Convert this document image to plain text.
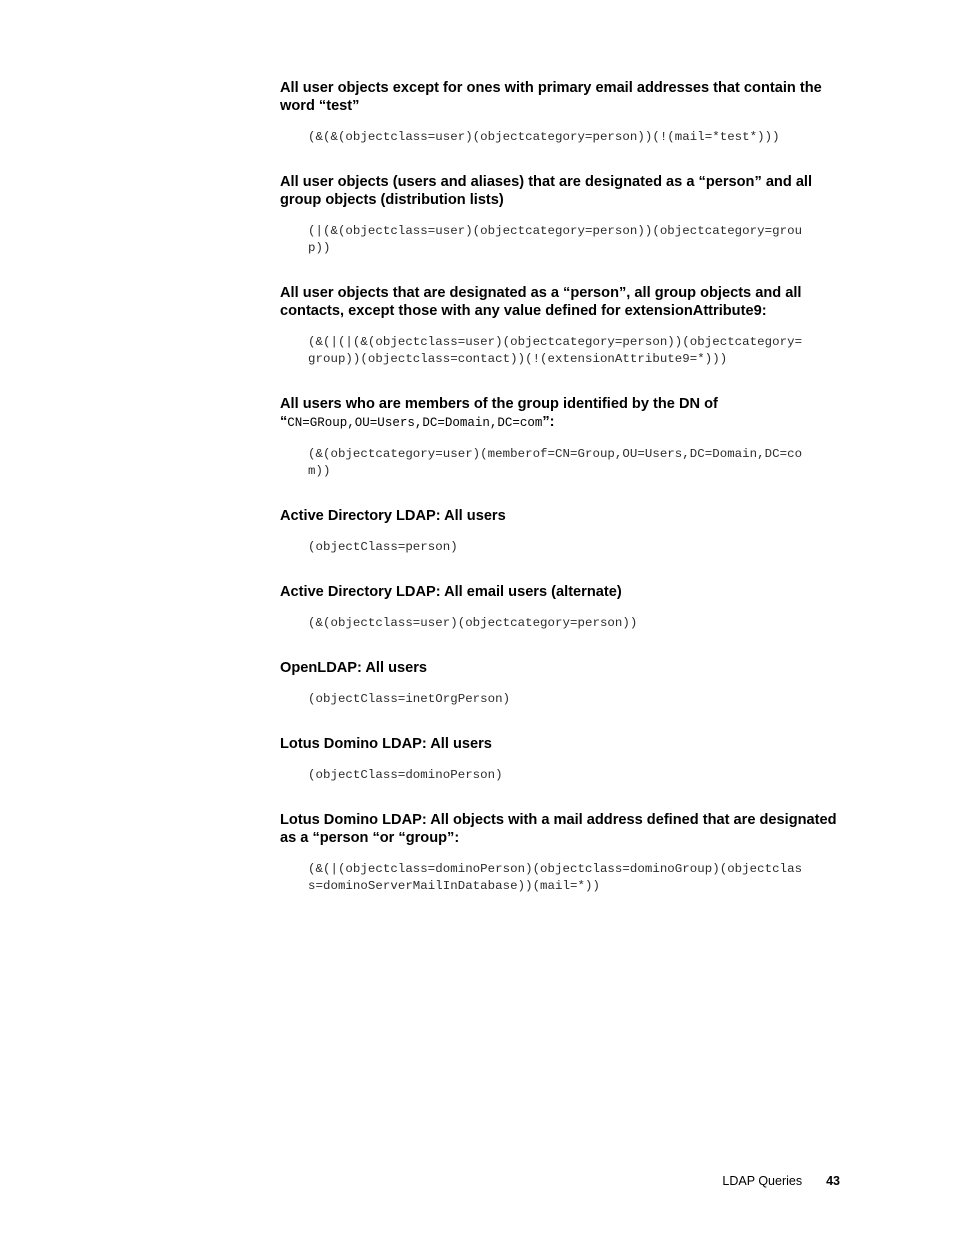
All user objects except for ones with primary email addresses that contain the
word “test”

(&(&(objectclass=user)(objectcategory=person))(!(mail=*test*)))

All user objects (users and aliases) that are designated as a “person” and all
group objects (distribution lists)

(|(&(objectclass=user)(objectcategory=person))(objectcategory=grou
p))

All user objects that are designated as a “person”, all group objects and all
contacts, except those with any value defined for extensionAttribute9:

(&(|(|(&(objectclass=user)(objectcategory=person))(objectcategory=
group))(objectclass=contact))(!(extensionAttribute9=*)))

All users who are members of the group identified by the DN of
“CN=GRoup,OU=Users,DC=Domain,DC=com”:

(&(objectcategory=user)(memberof=CN=Group,OU=Users,DC=Domain,DC=co
m))

Active Directory LDAP: All users

(objectClass=person)

Active Directory LDAP: All email users (alternate)

(&(objectclass=user)(objectcategory=person))

OpenLDAP: All users

(objectClass=inetOrgPerson)

Lotus Domino LDAP: All users

(objectClass=dominoPerson)

Lotus Domino LDAP: All objects with a mail address defined that are designated
as a “person “or “group”:

(&(|(objectclass=dominoPerson)(objectclass=dominoGroup)(objectclas
s=dominoServerMailInDatabase))(mail=*))
LDAP Queries 43
